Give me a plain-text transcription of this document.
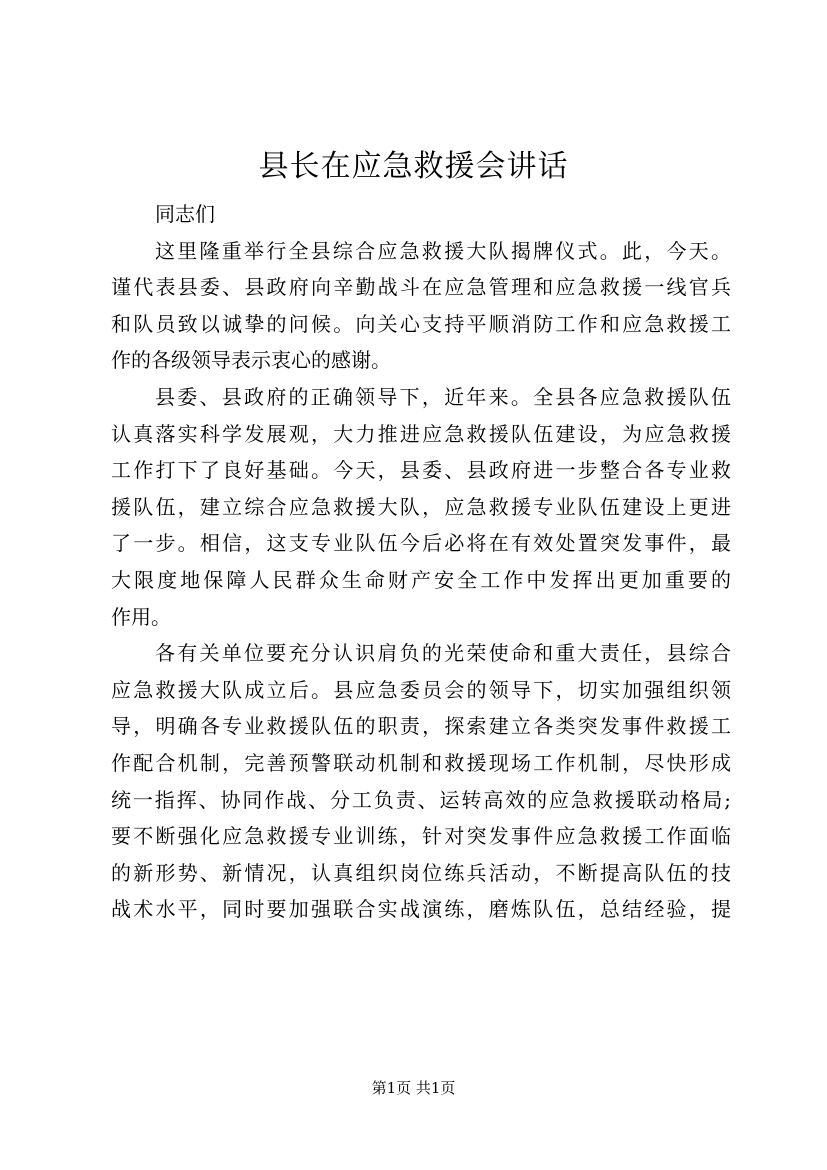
县长在应急救援会讲话

同志们

这里隆重举行全县综合应急救援大队揭牌仪式。此，今天。
谨代表县委、县政府向辛勤战斗在应急管理和应急救援一线官兵
和队员致以诚挚的问候。向关心支持平顺消防工作和应急救援工
作的各级领导表示衷心的感谢。

县委、县政府的正确领导下，近年来。全县各应急救援队伍
认真落实科学发展观，大力推进应急救援队伍建设，为应急救援
工作打下了良好基础。今天，县委、县政府进一步整合各专业救
援队伍，建立综合应急救援大队，应急救援专业队伍建设上更进
了一步。相信，这支专业队伍今后必将在有效处置突发事件，最
大限度地保障人民群众生命财产安全工作中发挥出更加重要的
作用。

各有关单位要充分认识肩负的光荣使命和重大责任，县综合
应急救援大队成立后。县应急委员会的领导下，切实加强组织领
导，明确各专业救援队伍的职责，探索建立各类突发事件救援工
作配合机制，完善预警联动机制和救援现场工作机制，尽快形成
统一指挥、协同作战、分工负责、运转高效的应急救援联动格局;
要不断强化应急救援专业训练，针对突发事件应急救援工作面临
的新形势、新情况，认真组织岗位练兵活动，不断提高队伍的技
战术水平，同时要加强联合实战演练，磨炼队伍，总结经验，提

第1页 共1页
